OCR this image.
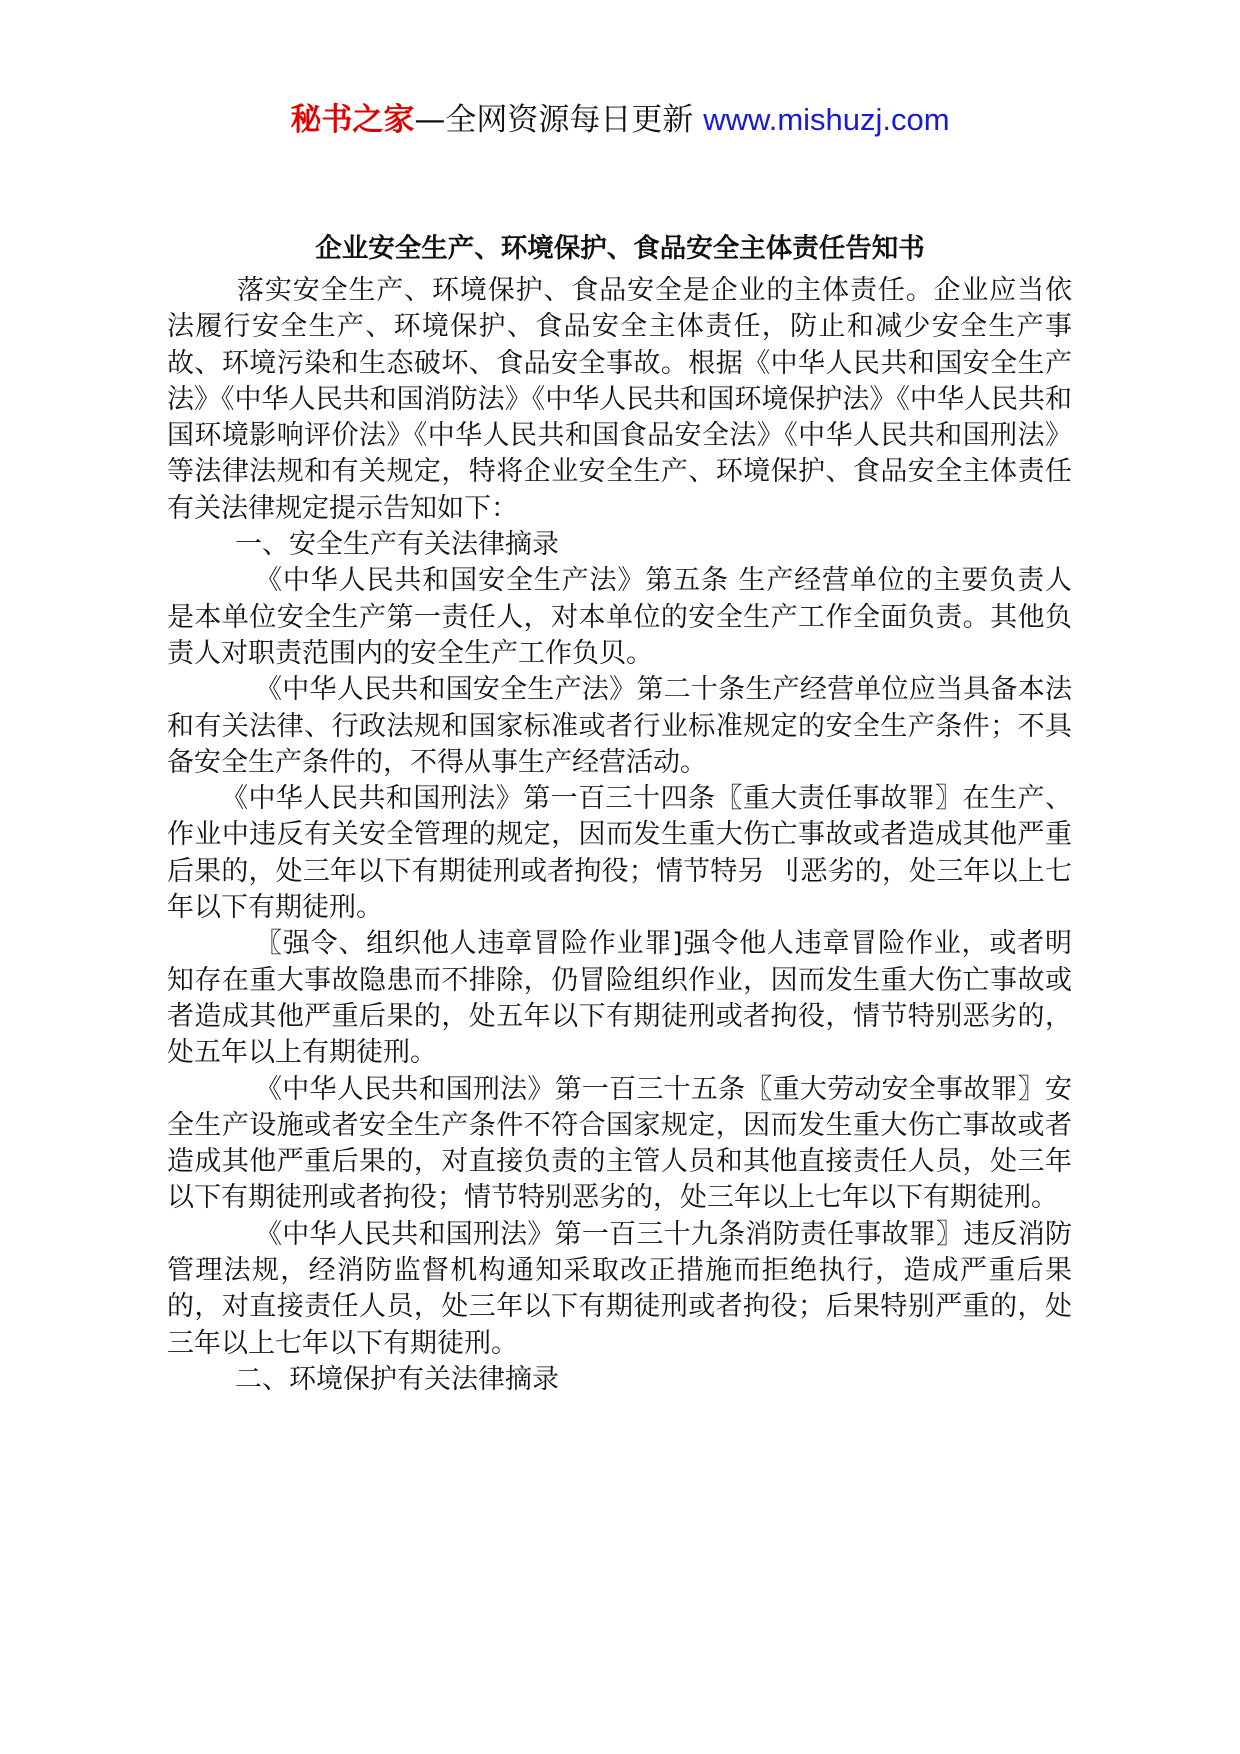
秘书之家—全网资源每日更新 www.mishuzj.com
企业安全生产、环境保护、食品安全主体责任告知书

落实安全生产、环境保护、食品安全是企业的主体责任。企业应当依法履行安全生产、环境保护、食品安全主体责任，防止和减少安全生产事故、环境污染和生态破坏、食品安全事故。根据《中华人民共和国安全生产法》《中华人民共和国消防法》《中华人民共和国环境保护法》《中华人民共和国环境影响评价法》《中华人民共和国食品安全法》《中华人民共和国刑法》等法律法规和有关规定，特将企业安全生产、环境保护、食品安全主体责任有关法律规定提示告知如下：

一、安全生产有关法律摘录

《中华人民共和国安全生产法》第五条 生产经营单位的主要负责人是本单位安全生产第一责任人，对本单位的安全生产工作全面负责。其他负责人对职责范围内的安全生产工作负贝。

《中华人民共和国安全生产法》第二十条生产经营单位应当具备本法和有关法律、行政法规和国家标准或者行业标准规定的安全生产条件；不具备安全生产条件的，不得从事生产经营活动。

《中华人民共和国刑法》第一百三十四条〖重大责任事故罪〗在生产、作业中违反有关安全管理的规定，因而发生重大伤亡事故或者造成其他严重后果的，处三年以下有期徒刑或者拘役；情节特另 刂恶劣的，处三年以上七年以下有期徒刑。

〖强令、组织他人违章冒险作业罪]强令他人违章冒险作业，或者明知存在重大事故隐患而不排除，仍冒险组织作业，因而发生重大伤亡事故或者造成其他严重后果的，处五年以下有期徒刑或者拘役，情节特别恶劣的，处五年以上有期徒刑。

《中华人民共和国刑法》第一百三十五条〖重大劳动安全事故罪〗安全生产设施或者安全生产条件不符合国家规定，因而发生重大伤亡事故或者造成其他严重后果的，对直接负责的主管人员和其他直接责任人员，处三年以下有期徒刑或者拘役；情节特别恶劣的，处三年以上七年以下有期徒刑。

《中华人民共和国刑法》第一百三十九条消防责任事故罪〗违反消防管理法规，经消防监督机构通知采取改正措施而拒绝执行，造成严重后果的，对直接责任人员，处三年以下有期徒刑或者拘役；后果特别严重的，处三年以上七年以下有期徒刑。

二、环境保护有关法律摘录
